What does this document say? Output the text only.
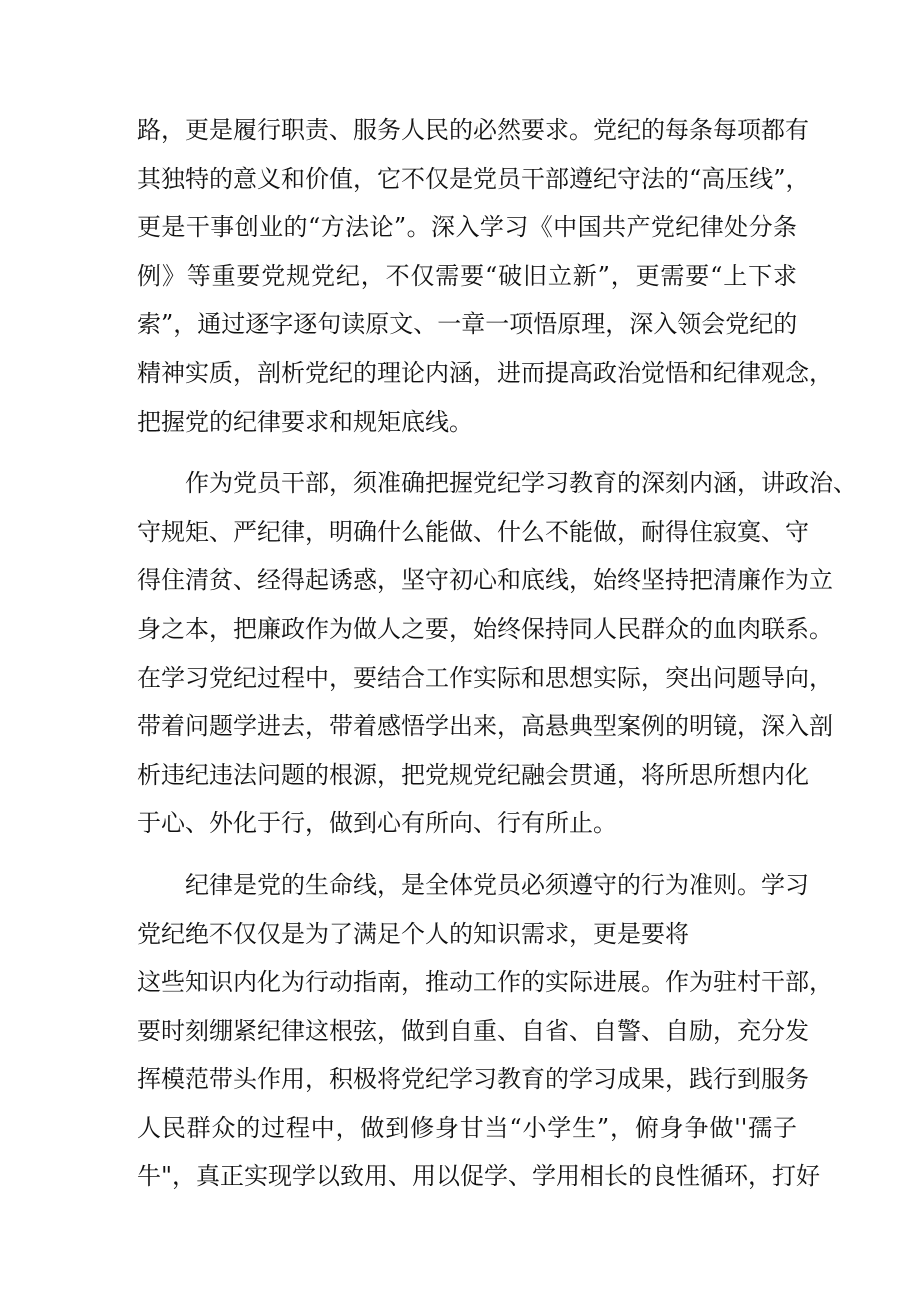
路，更是履行职责、服务人民的必然要求。党纪的每条每项都有
其独特的意义和价值，它不仅是党员干部遵纪守法的“高压线”，
更是干事创业的“方法论”。深入学习《中国共产党纪律处分条
例》等重要党规党纪，不仅需要“破旧立新”，更需要“上下求
索”，通过逐字逐句读原文、一章一项悟原理，深入领会党纪的
精神实质，剖析党纪的理论内涵，进而提高政治觉悟和纪律观念，
把握党的纪律要求和规矩底线。
作为党员干部，须准确把握党纪学习教育的深刻内涵，讲政治、
守规矩、严纪律，明确什么能做、什么不能做，耐得住寂寞、守
得住清贫、经得起诱惑，坚守初心和底线，始终坚持把清廉作为立
身之本，把廉政作为做人之要，始终保持同人民群众的血肉联系。
在学习党纪过程中，要结合工作实际和思想实际，突出问题导向，
带着问题学进去，带着感悟学出来，高悬典型案例的明镜，深入剖
析违纪违法问题的根源，把党规党纪融会贯通，将所思所想内化
于心、外化于行，做到心有所向、行有所止。
纪律是党的生命线，是全体党员必须遵守的行为准则。学习
党纪绝不仅仅是为了满足个人的知识需求，更是要将
这些知识内化为行动指南，推动工作的实际进展。作为驻村干部，
要时刻绷紧纪律这根弦，做到自重、自省、自警、自励，充分发
挥模范带头作用，积极将党纪学习教育的学习成果，践行到服务
人民群众的过程中，做到修身甘当“小学生”，俯身争做''孺子
牛"，真正实现学以致用、用以促学、学用相长的良性循环，打好
